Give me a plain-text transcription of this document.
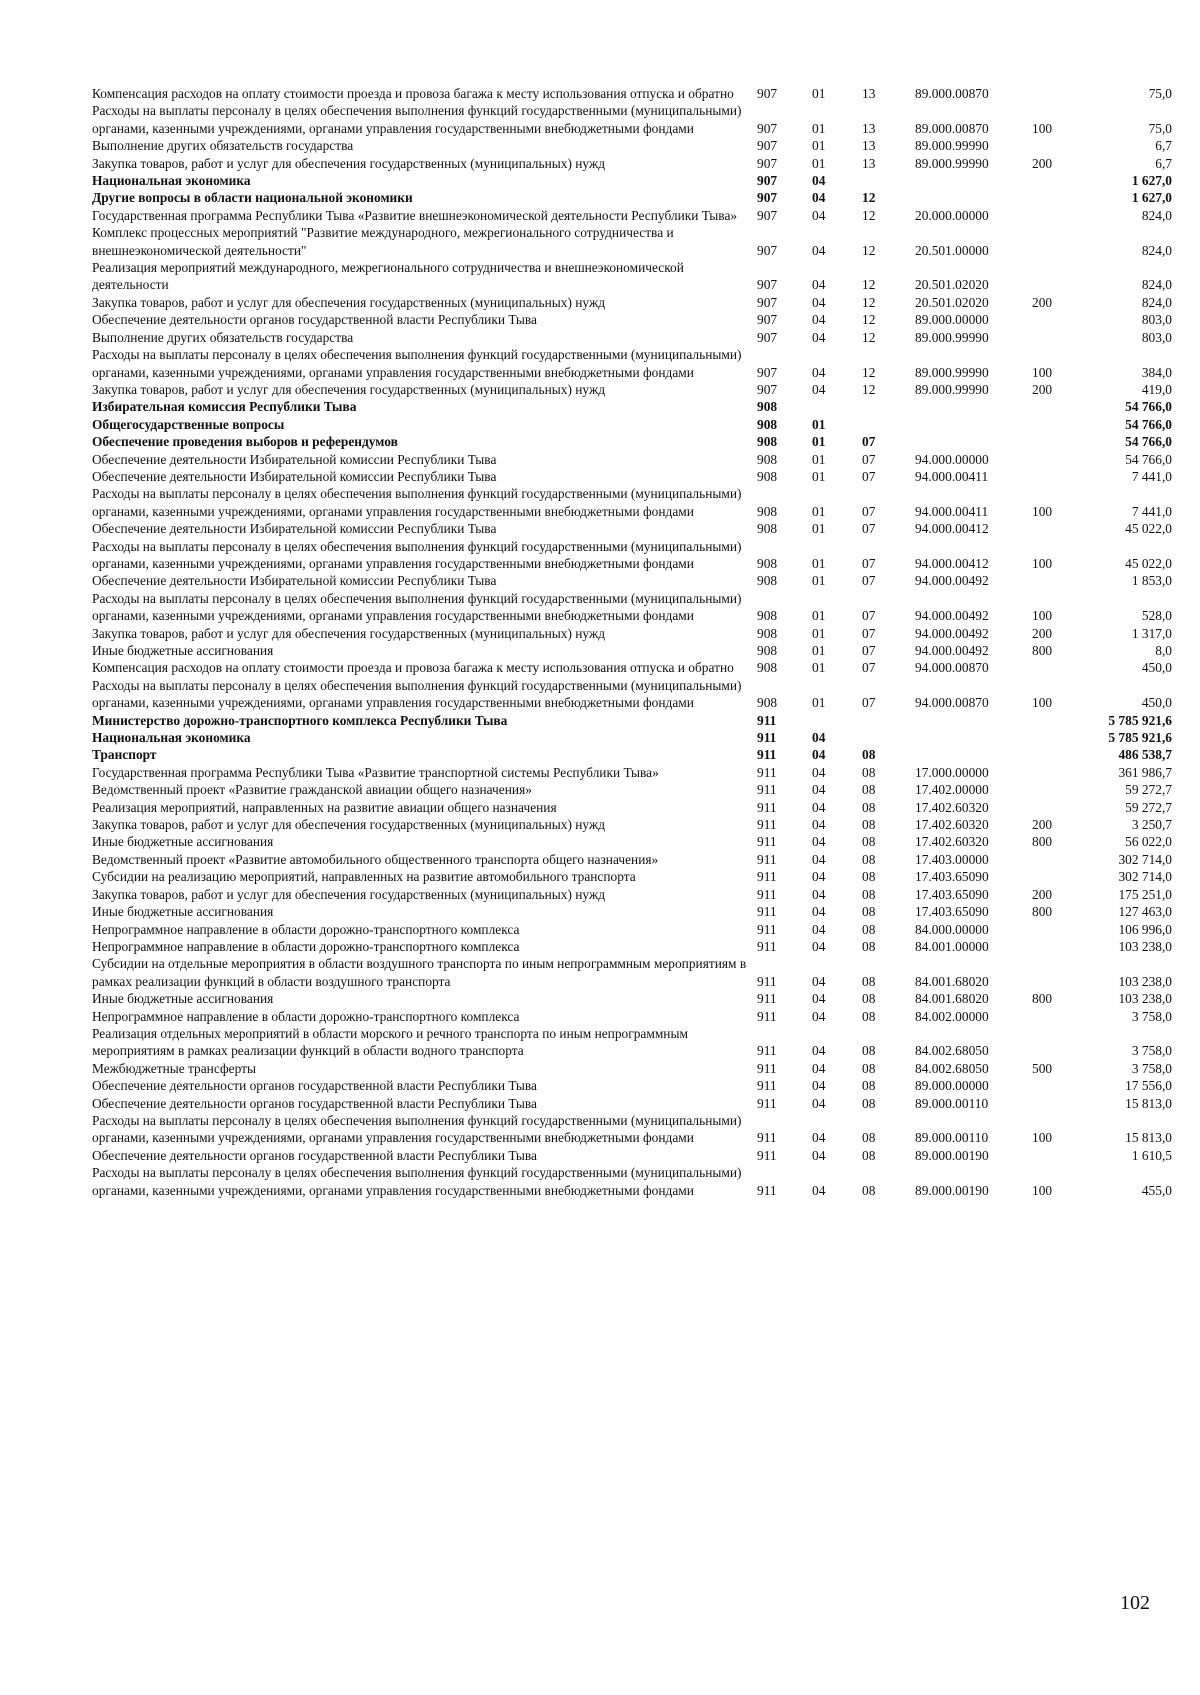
Компенсация расходов на оплату стоимости проезда и провоза багажа к месту использования отпуска и обратно	907	01	13	89.000.00870		75,0
Расходы на выплаты персоналу в целях обеспечения выполнения функций государственными (муниципальными) органами, казенными учреждениями, органами управления государственными внебюджетными фондами	907	01	13	89.000.00870	100	75,0
Выполнение других обязательств государства	907	01	13	89.000.99990		6,7
Закупка товаров, работ и услуг для обеспечения государственных (муниципальных) нужд	907	01	13	89.000.99990	200	6,7
Национальная экономика	907	04				1 627,0
Другие вопросы в области национальной экономики	907	04	12			1 627,0
Государственная программа Республики Тыва «Развитие внешнеэкономической деятельности Республики Тыва»	907	04	12	20.000.00000		824,0
Комплекс процессных мероприятий "Развитие международного, межрегионального сотрудничества и внешнеэкономической деятельности"	907	04	12	20.501.00000		824,0
Реализация мероприятий международного, межрегионального сотрудничества и внешнеэкономической деятельности	907	04	12	20.501.02020		824,0
Закупка товаров, работ и услуг для обеспечения государственных (муниципальных) нужд	907	04	12	20.501.02020	200	824,0
Обеспечение деятельности органов государственной власти Республики Тыва	907	04	12	89.000.00000		803,0
Выполнение других обязательств государства	907	04	12	89.000.99990		803,0
Расходы на выплаты персоналу в целях обеспечения выполнения функций государственными (муниципальными) органами, казенными учреждениями, органами управления государственными внебюджетными фондами	907	04	12	89.000.99990	100	384,0
Закупка товаров, работ и услуг для обеспечения государственных (муниципальных) нужд	907	04	12	89.000.99990	200	419,0
Избирательная комиссия Республики Тыва	908					54 766,0
Общегосударственные вопросы	908	01				54 766,0
Обеспечение проведения выборов и референдумов	908	01	07			54 766,0
Обеспечение деятельности Избирательной комиссии Республики Тыва	908	01	07	94.000.00000		54 766,0
Обеспечение деятельности Избирательной комиссии Республики Тыва	908	01	07	94.000.00411		7 441,0
Расходы на выплаты персоналу в целях обеспечения выполнения функций государственными (муниципальными) органами, казенными учреждениями, органами управления государственными внебюджетными фондами	908	01	07	94.000.00411	100	7 441,0
Обеспечение деятельности Избирательной комиссии Республики Тыва	908	01	07	94.000.00412		45 022,0
Расходы на выплаты персоналу в целях обеспечения выполнения функций государственными (муниципальными) органами, казенными учреждениями, органами управления государственными внебюджетными фондами	908	01	07	94.000.00412	100	45 022,0
Обеспечение деятельности Избирательной комиссии Республики Тыва	908	01	07	94.000.00492		1 853,0
Расходы на выплаты персоналу в целях обеспечения выполнения функций государственными (муниципальными) органами, казенными учреждениями, органами управления государственными внебюджетными фондами	908	01	07	94.000.00492	100	528,0
Закупка товаров, работ и услуг для обеспечения государственных (муниципальных) нужд	908	01	07	94.000.00492	200	1 317,0
Иные бюджетные ассигнования	908	01	07	94.000.00492	800	8,0
Компенсация расходов на оплату стоимости проезда и провоза багажа к месту использования отпуска и обратно	908	01	07	94.000.00870		450,0
Расходы на выплаты персоналу в целях обеспечения выполнения функций государственными (муниципальными) органами, казенными учреждениями, органами управления государственными внебюджетными фондами	908	01	07	94.000.00870	100	450,0
Министерство дорожно-транспортного комплекса Республики Тыва	911					5 785 921,6
Национальная экономика	911	04				5 785 921,6
Транспорт	911	04	08			486 538,7
Государственная программа Республики Тыва «Развитие транспортной системы Республики Тыва»	911	04	08	17.000.00000		361 986,7
Ведомственный проект «Развитие гражданской авиации общего назначения»	911	04	08	17.402.00000		59 272,7
Реализация мероприятий, направленных на развитие авиации общего назначения	911	04	08	17.402.60320		59 272,7
Закупка товаров, работ и услуг для обеспечения государственных (муниципальных) нужд	911	04	08	17.402.60320	200	3 250,7
Иные бюджетные ассигнования	911	04	08	17.402.60320	800	56 022,0
Ведомственный проект «Развитие автомобильного общественного транспорта общего назначения»	911	04	08	17.403.00000		302 714,0
Субсидии на реализацию мероприятий, направленных на развитие автомобильного транспорта	911	04	08	17.403.65090		302 714,0
Закупка товаров, работ и услуг для обеспечения государственных (муниципальных) нужд	911	04	08	17.403.65090	200	175 251,0
Иные бюджетные ассигнования	911	04	08	17.403.65090	800	127 463,0
Непрограммное направление в области дорожно-транспортного комплекса	911	04	08	84.000.00000		106 996,0
Непрограммное направление в области дорожно-транспортного комплекса	911	04	08	84.001.00000		103 238,0
Субсидии на отдельные мероприятия в области воздушного транспорта по иным непрограммным мероприятиям в рамках реализации функций в области воздушного транспорта	911	04	08	84.001.68020		103 238,0
Иные бюджетные ассигнования	911	04	08	84.001.68020	800	103 238,0
Непрограммное направление в области дорожно-транспортного комплекса	911	04	08	84.002.00000		3 758,0
Реализация отдельных мероприятий в области морского и речного транспорта по иным непрограммным мероприятиям в рамках реализации функций в области водного транспорта	911	04	08	84.002.68050		3 758,0
Межбюджетные трансферты	911	04	08	84.002.68050	500	3 758,0
Обеспечение деятельности органов государственной власти Республики Тыва	911	04	08	89.000.00000		17 556,0
Обеспечение деятельности органов государственной власти Республики Тыва	911	04	08	89.000.00110		15 813,0
Расходы на выплаты персоналу в целях обеспечения выполнения функций государственными (муниципальными) органами, казенными учреждениями, органами управления государственными внебюджетными фондами	911	04	08	89.000.00110	100	15 813,0
Обеспечение деятельности органов государственной власти Республики Тыва	911	04	08	89.000.00190		1 610,5
Расходы на выплаты персоналу в целях обеспечения выполнения функций государственными (муниципальными) органами, казенными учреждениями, органами управления государственными внебюджетными фондами	911	04	08	89.000.00190	100	455,0
102
